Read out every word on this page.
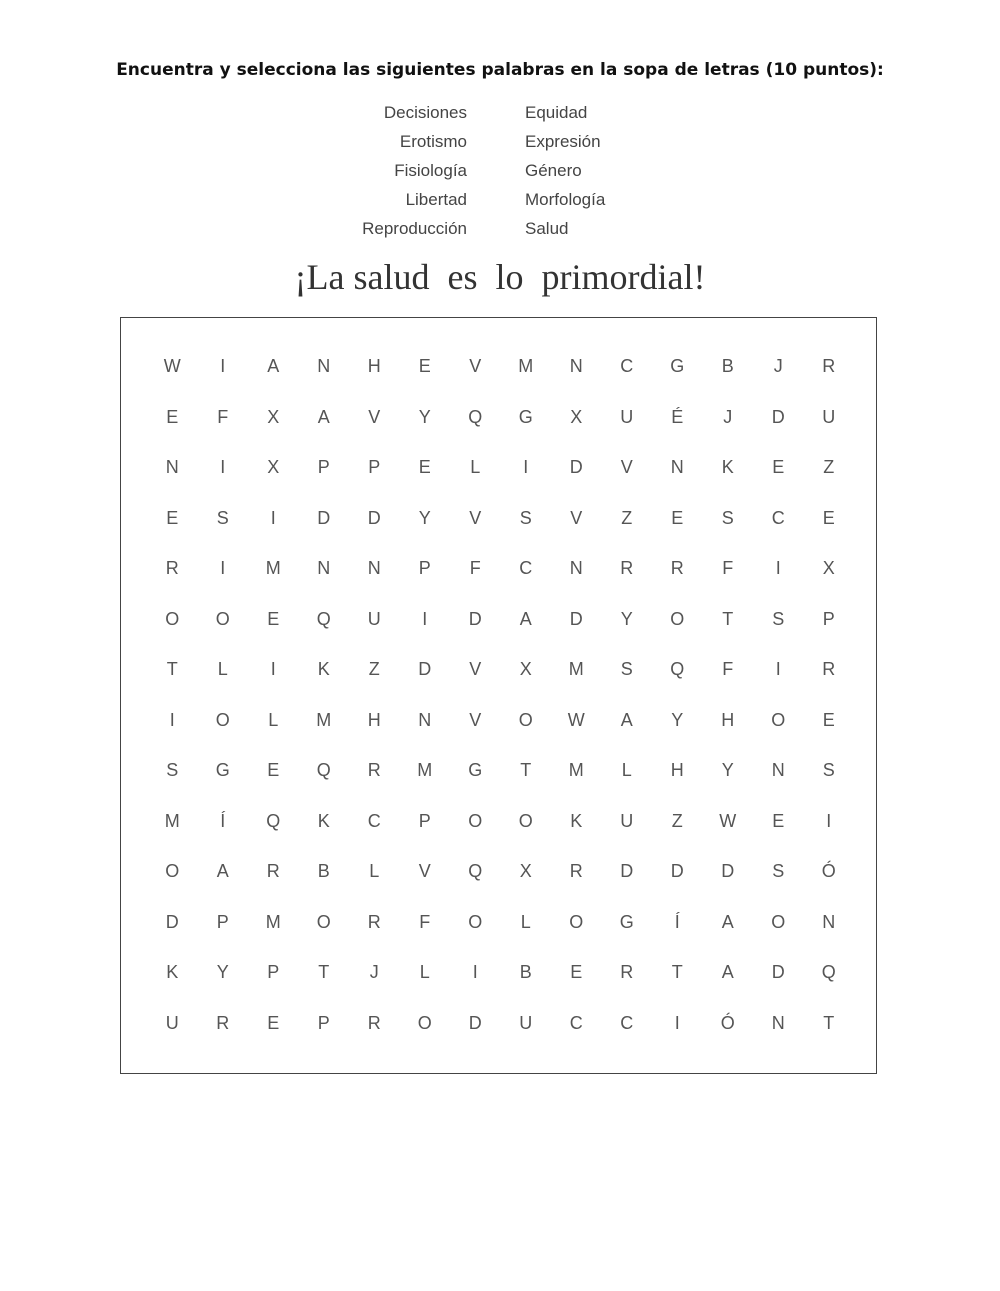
Encuentra y selecciona las siguientes palabras en la sopa de letras (10 puntos):
Decisiones
Erotismo
Fisiología
Libertad
Reproducción
Equidad
Expresión
Género
Morfología
Salud
¡La salud  es  lo  primordial!
W	I	A	N	H	E	V	M	N	C	G	B	J	R
E	F	X	A	V	Y	Q	G	X	U	É	J	D	U
N	I	X	P	P	E	L	I	D	V	N	K	E	Z
E	S	I	D	D	Y	V	S	V	Z	E	S	C	E
R	I	M	N	N	P	F	C	N	R	R	F	I	X
O	O	E	Q	U	I	D	A	D	Y	O	T	S	P
T	L	I	K	Z	D	V	X	M	S	Q	F	I	R
I	O	L	M	H	N	V	O	W	A	Y	H	O	E
S	G	E	Q	R	M	G	T	M	L	H	Y	N	S
M	Í	Q	K	C	P	O	O	K	U	Z	W	E	I
O	A	R	B	L	V	Q	X	R	D	D	D	S	Ó
D	P	M	O	R	F	O	L	O	G	Í	A	O	N
K	Y	P	T	J	L	I	B	E	R	T	A	D	Q
U	R	E	P	R	O	D	U	C	C	I	Ó	N	T
